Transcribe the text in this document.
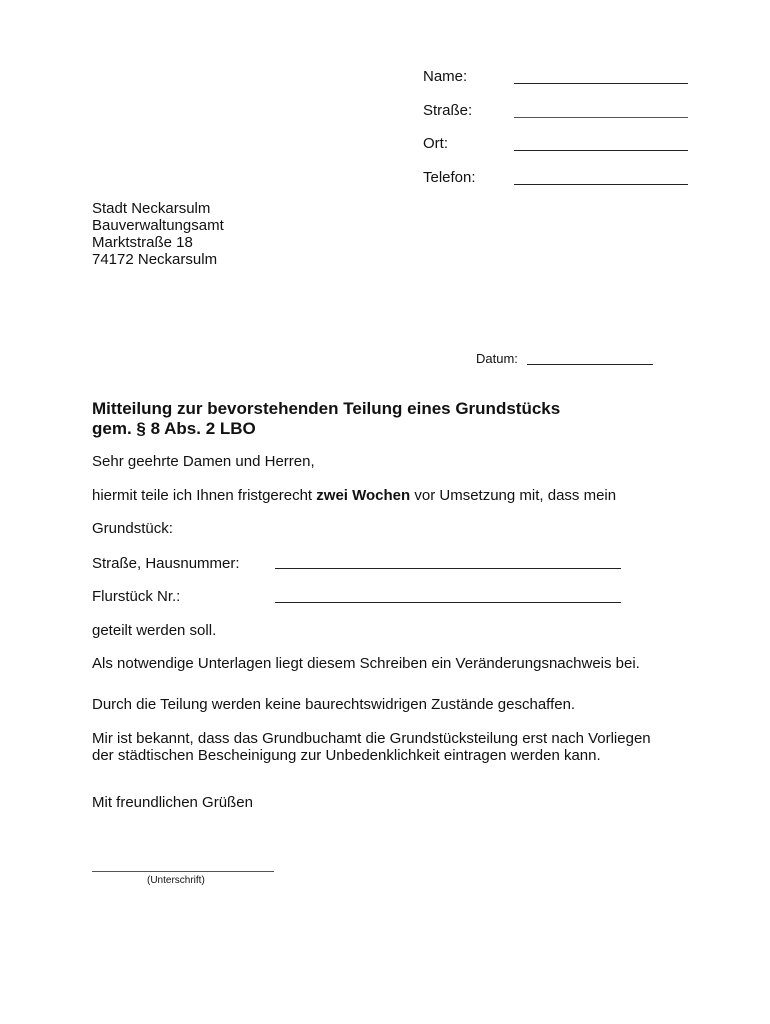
Name:
Straße:
Ort:
Telefon:
Stadt Neckarsulm
Bauverwaltungsamt
Marktstraße 18
74172 Neckarsulm
Datum:
Mitteilung zur bevorstehenden Teilung eines Grundstücks
gem. § 8 Abs. 2 LBO
Sehr geehrte Damen und Herren,
hiermit teile ich Ihnen fristgerecht zwei Wochen vor Umsetzung mit, dass mein
Grundstück:
Straße, Hausnummer:
Flurstück Nr.:
geteilt werden soll.
Als notwendige Unterlagen liegt diesem Schreiben ein Veränderungsnachweis bei.
Durch die Teilung werden keine baurechtswidrigen Zustände geschaffen.
Mir ist bekannt, dass das Grundbuchamt die Grundstücksteilung erst nach Vorliegen
der städtischen Bescheinigung zur Unbedenklichkeit eintragen werden kann.
Mit freundlichen Grüßen
(Unterschrift)
